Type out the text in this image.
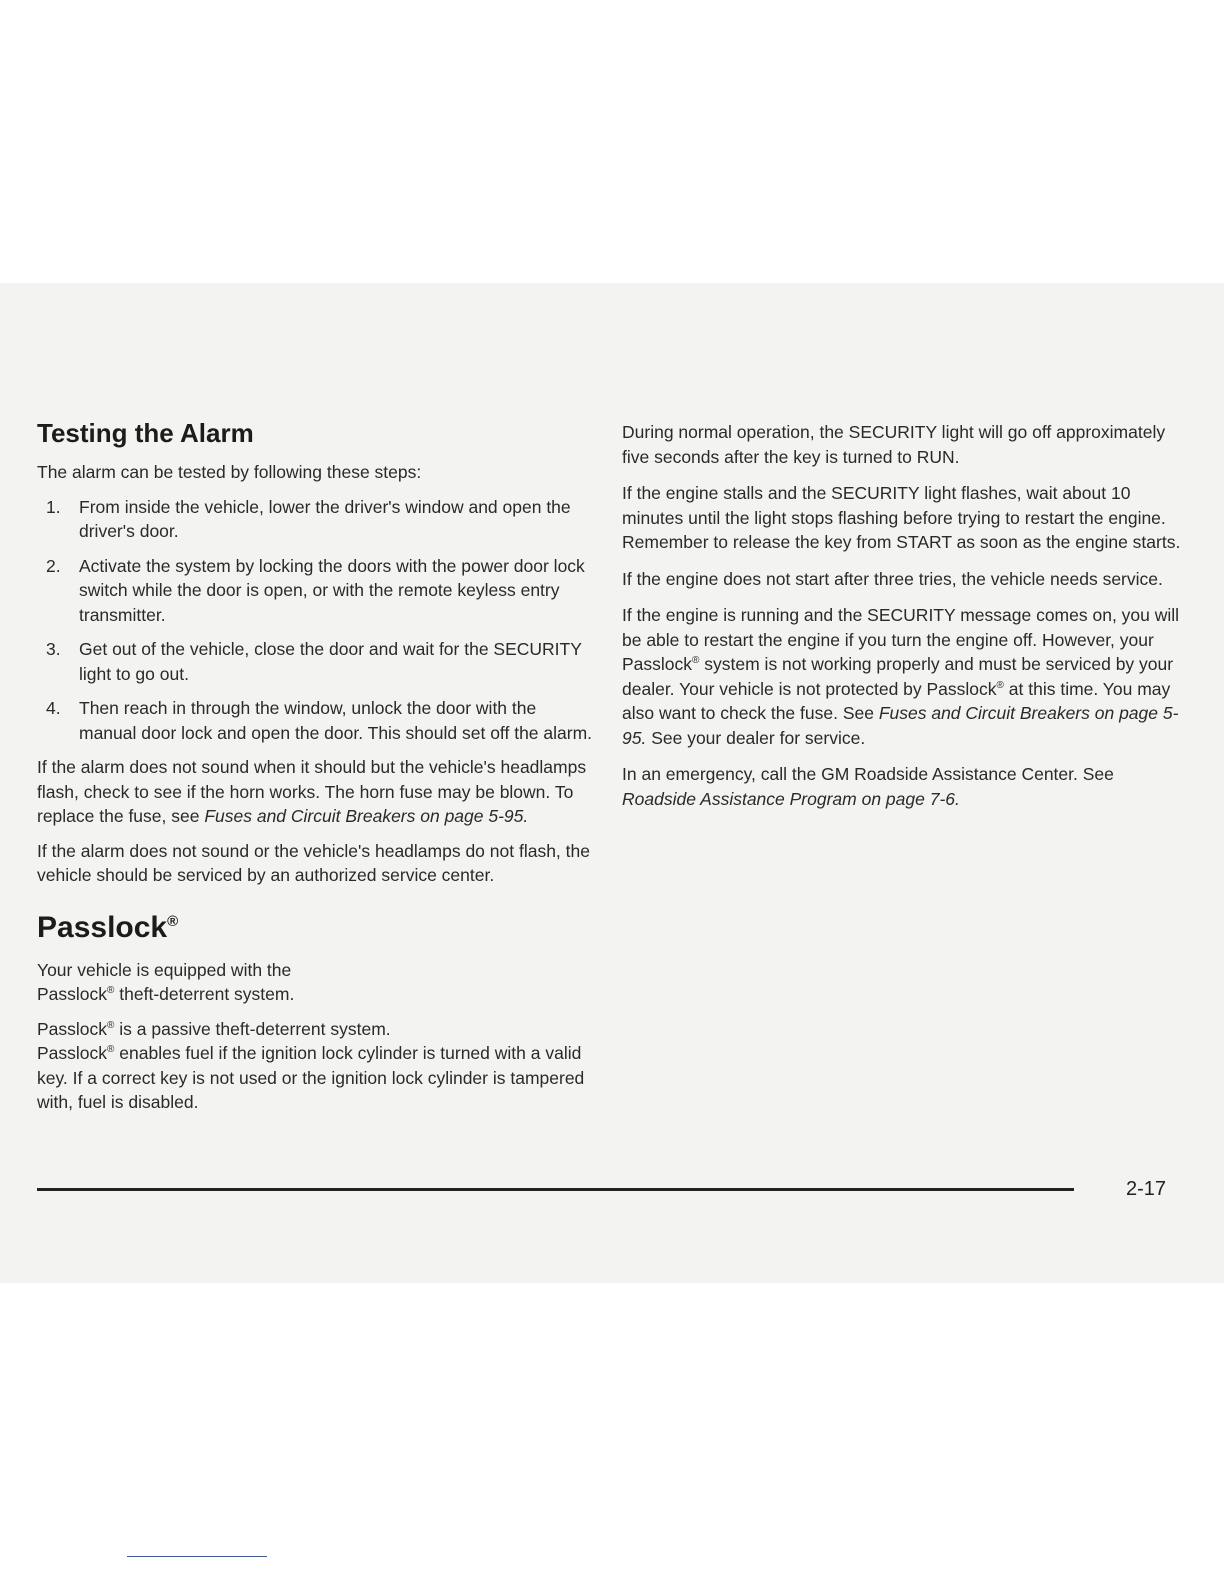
Testing the Alarm

The alarm can be tested by following these steps:

1. From inside the vehicle, lower the driver's window and open the driver's door.
2. Activate the system by locking the doors with the power door lock switch while the door is open, or with the remote keyless entry transmitter.
3. Get out of the vehicle, close the door and wait for the SECURITY light to go out.
4. Then reach in through the window, unlock the door with the manual door lock and open the door. This should set off the alarm.

If the alarm does not sound when it should but the vehicle's headlamps flash, check to see if the horn works. The horn fuse may be blown. To replace the fuse, see Fuses and Circuit Breakers on page 5-95.

If the alarm does not sound or the vehicle's headlamps do not flash, the vehicle should be serviced by an authorized service center.

Passlock®

Your vehicle is equipped with the
Passlock® theft-deterrent system.

Passlock® is a passive theft-deterrent system.
Passlock® enables fuel if the ignition lock cylinder is turned with a valid key. If a correct key is not used or the ignition lock cylinder is tampered with, fuel is disabled.

During normal operation, the SECURITY light will go off approximately five seconds after the key is turned to RUN.

If the engine stalls and the SECURITY light flashes, wait about 10 minutes until the light stops flashing before trying to restart the engine. Remember to release the key from START as soon as the engine starts.

If the engine does not start after three tries, the vehicle needs service.

If the engine is running and the SECURITY message comes on, you will be able to restart the engine if you turn the engine off. However, your Passlock® system is not working properly and must be serviced by your dealer. Your vehicle is not protected by Passlock® at this time. You may also want to check the fuse. See Fuses and Circuit Breakers on page 5-95. See your dealer for service.

In an emergency, call the GM Roadside Assistance Center. See Roadside Assistance Program on page 7-6.

2-17
